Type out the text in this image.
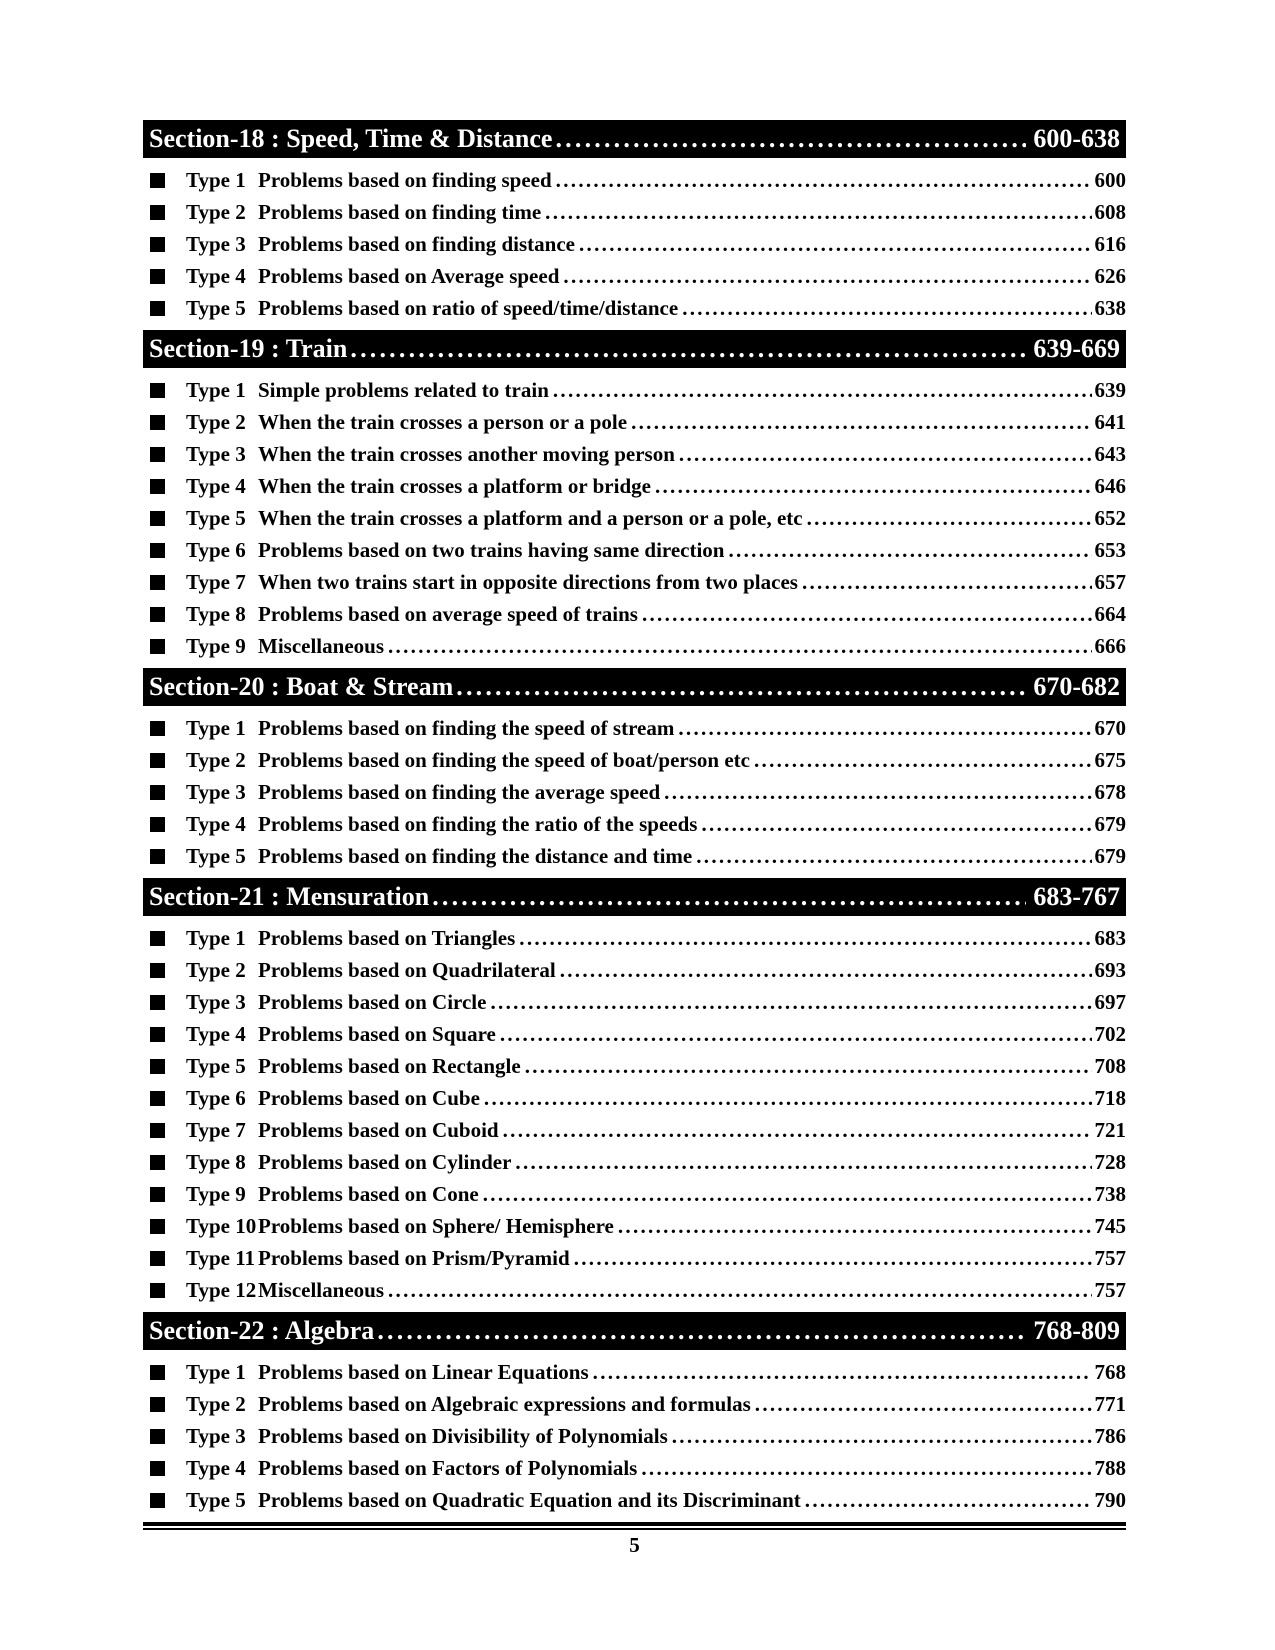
Section-18 : Speed, Time & Distance .....	600-638
Type 1 Problems based on finding speed .....	600
Type 2 Problems based on finding time .....	608
Type 3 Problems based on finding distance .....	616
Type 4 Problems based on Average speed .....	626
Type 5 Problems based on ratio of speed/time/distance .....	638
Section-19 : Train .....	639-669
Type 1 Simple problems related to train .....	639
Type 2 When the train crosses a person or a pole .....	641
Type 3 When the train crosses another moving person .....	643
Type 4 When the train crosses a platform or bridge .....	646
Type 5 When the train crosses a platform and a person or a pole, etc .....	652
Type 6 Problems based on two trains having same direction .....	653
Type 7 When two trains start in opposite directions from two places .....	657
Type 8 Problems based on average speed of trains .....	664
Type 9 Miscellaneous .....	666
Section-20 : Boat & Stream .....	670-682
Type 1 Problems based on finding the speed of stream .....	670
Type 2 Problems based on finding the speed of boat/person etc .....	675
Type 3 Problems based on finding the average speed .....	678
Type 4 Problems based on finding the ratio of the speeds .....	679
Type 5 Problems based on finding the distance and time .....	679
Section-21 : Mensuration .....	683-767
Type 1 Problems based on Triangles .....	683
Type 2 Problems based on Quadrilateral .....	693
Type 3 Problems based on Circle .....	697
Type 4 Problems based on Square .....	702
Type 5 Problems based on Rectangle .....	708
Type 6 Problems based on Cube .....	718
Type 7 Problems based on Cuboid .....	721
Type 8 Problems based on Cylinder .....	728
Type 9 Problems based on Cone .....	738
Type 10 Problems based on Sphere/ Hemisphere .....	745
Type 11 Problems based on Prism/Pyramid .....	757
Type 12 Miscellaneous .....	757
Section-22 : Algebra .....	768-809
Type 1 Problems based on Linear Equations .....	768
Type 2 Problems based on Algebraic expressions and formulas .....	771
Type 3 Problems based on Divisibility of Polynomials .....	786
Type 4 Problems based on Factors of Polynomials .....	788
Type 5 Problems based on Quadratic Equation and its Discriminant .....	790
5
